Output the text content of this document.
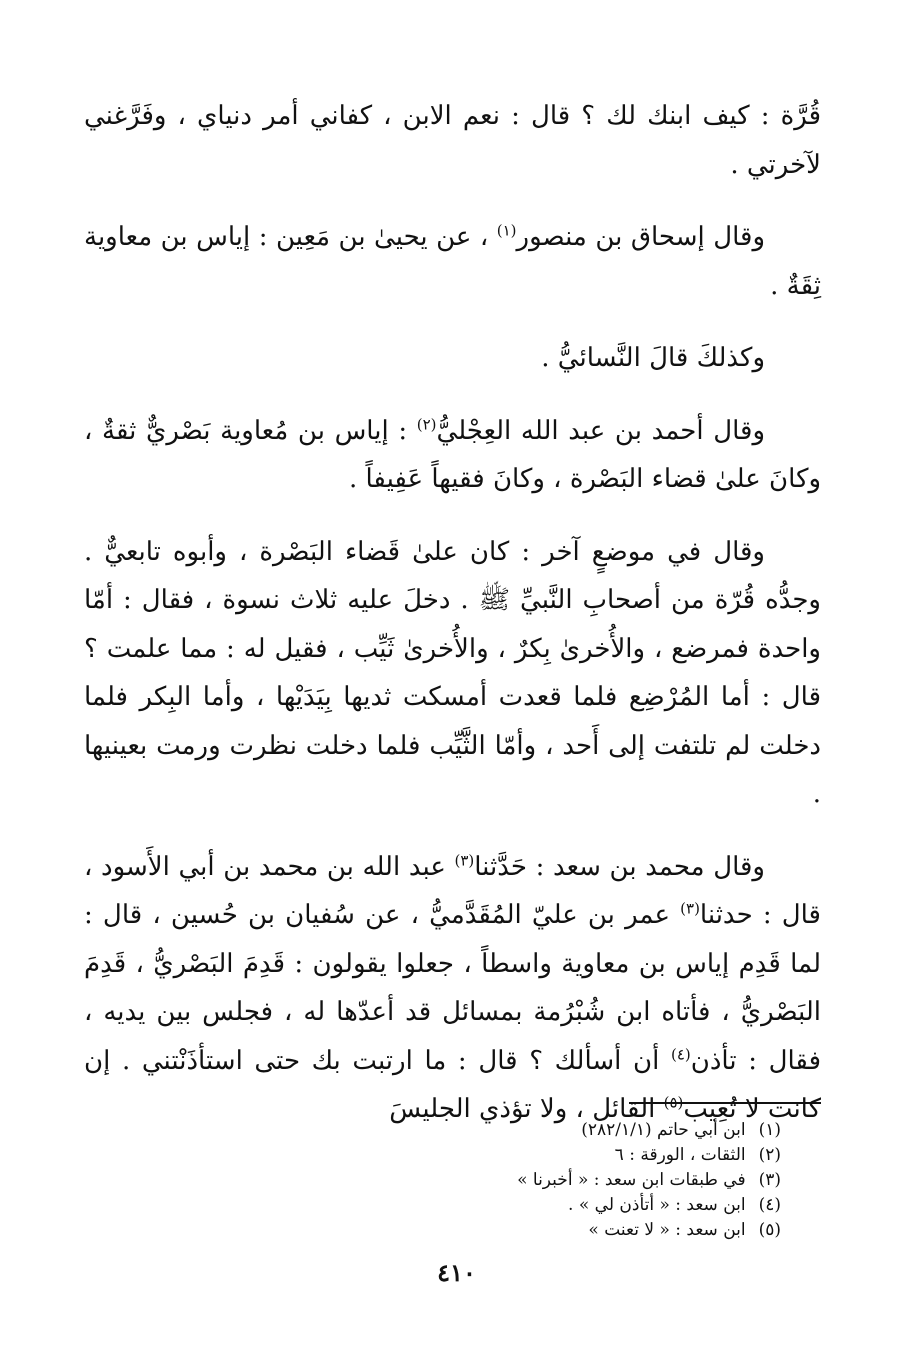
قُرَّة : كيف ابنك لك ؟ قال : نعم الابن ، كفاني أمر دنياي ، وفَرَّغني لآخرتي .

وقال إسحاق بن منصور$^{(١)}$ ، عن يحيىٰ بن مَعِين : إياس بن معاوية ثِقَةٌ .

وكذلكَ قالَ النَّسائيُّ .

وقال أحمد بن عبد الله العِجْليُّ$^{(٢)}$ : إياس بن مُعاوية بَصْريٌّ ثقةٌ ، وكانَ علىٰ قضاء البَصْرة ، وكانَ فقيهاً عَفِيفاً .

وقال في موضعٍ آخر : كان علىٰ قَضاء البَصْرة ، وأبوه تابعيٌّ . وجدُّه قُرّة من أصحابِ النَّبيِّ ﷺ . دخلَ عليه ثلاث نسوة ، فقال : أمّا واحدة فمرضع ، والأُخرىٰ بِكرٌ ، والأُخرىٰ ثَيِّب ، فقيل له : مما علمت ؟ قال : أما المُرْضِع فلما قعدت أمسكت ثديها بِيَدَيْها ، وأما البِكر فلما دخلت لم تلتفت إلى أَحد ، وأمّا الثَّيِّب فلما دخلت نظرت ورمت بعينيها .

وقال محمد بن سعد : حَدَّثنا$^{(٣)}$ عبد الله بن محمد بن أبي الأَسود ، قال : حدثنا$^{(٣)}$ عمر بن عليّ المُقَدَّميُّ ، عن سُفيان بن حُسين ، قال : لما قَدِم إياس بن معاوية واسطاً ، جعلوا يقولون : قَدِمَ البَصْريُّ ، قَدِمَ البَصْريُّ ، فأتاه ابن شُبْرُمة بمسائل قد أعدّها له ، فجلس بين يديه ، فقال : تأذن$^{(٤)}$ أن أسألك ؟ قال : ما ارتبت بك حتى استأذَنْتني . إن كانت لا تُعِيب$^{(٥)}$ القائل ، ولا تؤذي الجليسَ

(١) ابن أبي حاتم (٢٨٢/١/١)

(٢) الثقات ، الورقة : ٦

(٣) في طبقات ابن سعد : « أخبرنا »

(٤) ابن سعد : « أتأذن لي » .

(٥) ابن سعد : « لا تعنت »

٤١٠
